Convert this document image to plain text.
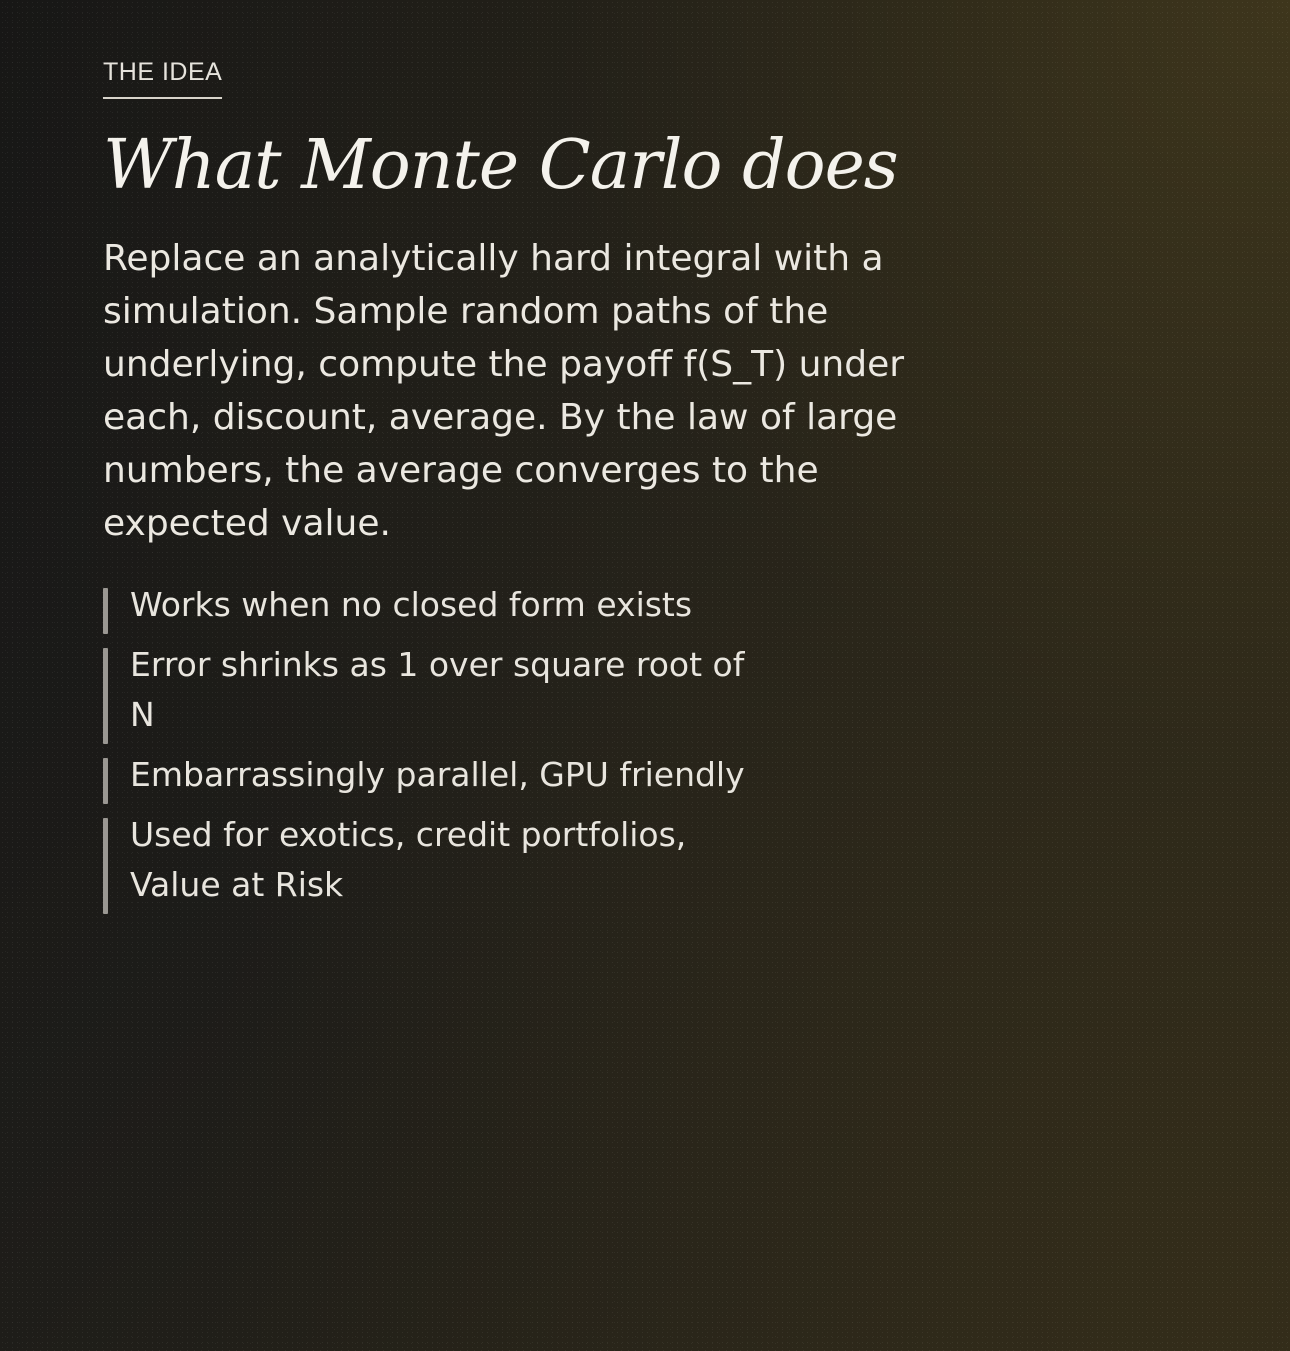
THE IDEA
What Monte Carlo does

Replace an analytically hard integral with a simulation. Sample random paths of the underlying, compute the payoff f(S_T) under each, discount, average. By the law of large numbers, the average converges to the expected value.

Works when no closed form exists
Error shrinks as 1 over square root of N
Embarrassingly parallel, GPU friendly
Used for exotics, credit portfolios, Value at Risk
